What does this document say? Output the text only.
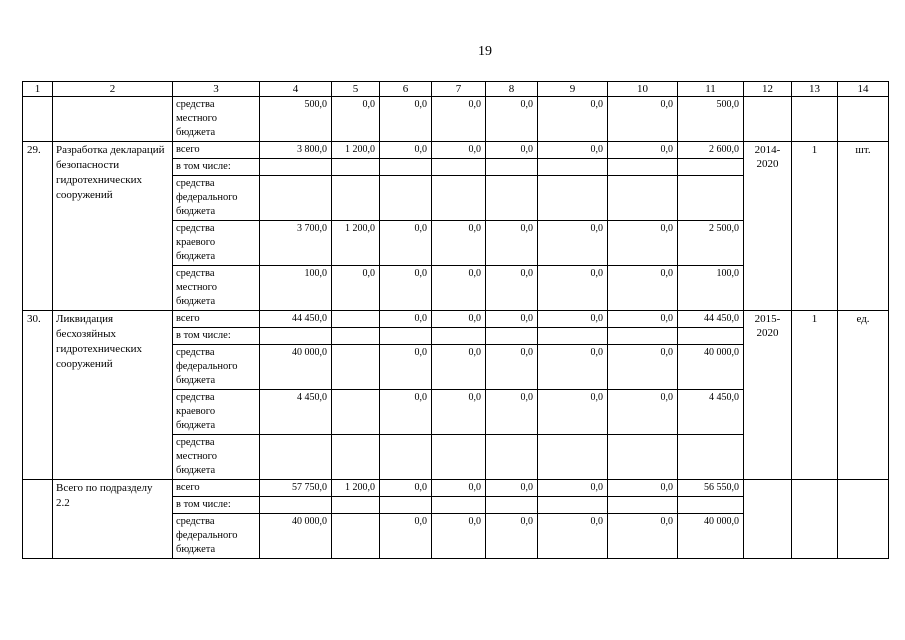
19
1	2	3	4	5	6	7	8	9	10	11	12	13	14
		средства местного бюджета	500,0	0,0	0,0	0,0	0,0	0,0	0,0	500,0			
29.	Разработка деклараций безопасности гидротехнических сооружений	всего	3 800,0	1 200,0	0,0	0,0	0,0	0,0	0,0	2 600,0	2014-2020	1	шт.
		в том числе:											
		средства федерального бюджета											
		средства краевого бюджета	3 700,0	1 200,0	0,0	0,0	0,0	0,0	0,0	2 500,0			
		средства местного бюджета	100,0	0,0	0,0	0,0	0,0	0,0	0,0	100,0			
30.	Ликвидация бесхозяйных гидротехнических сооружений	всего	44 450,0		0,0	0,0	0,0	0,0	0,0	44 450,0	2015-2020	1	ед.
		в том числе:											
		средства федерального бюджета	40 000,0		0,0	0,0	0,0	0,0	0,0	40 000,0			
		средства краевого бюджета	4 450,0		0,0	0,0	0,0	0,0	0,0	4 450,0			
		средства местного бюджета											
	Всего по подразделу 2.2	всего	57 750,0	1 200,0	0,0	0,0	0,0	0,0	0,0	56 550,0			
		в том числе:											
		средства федерального бюджета	40 000,0		0,0	0,0	0,0	0,0	0,0	40 000,0			
